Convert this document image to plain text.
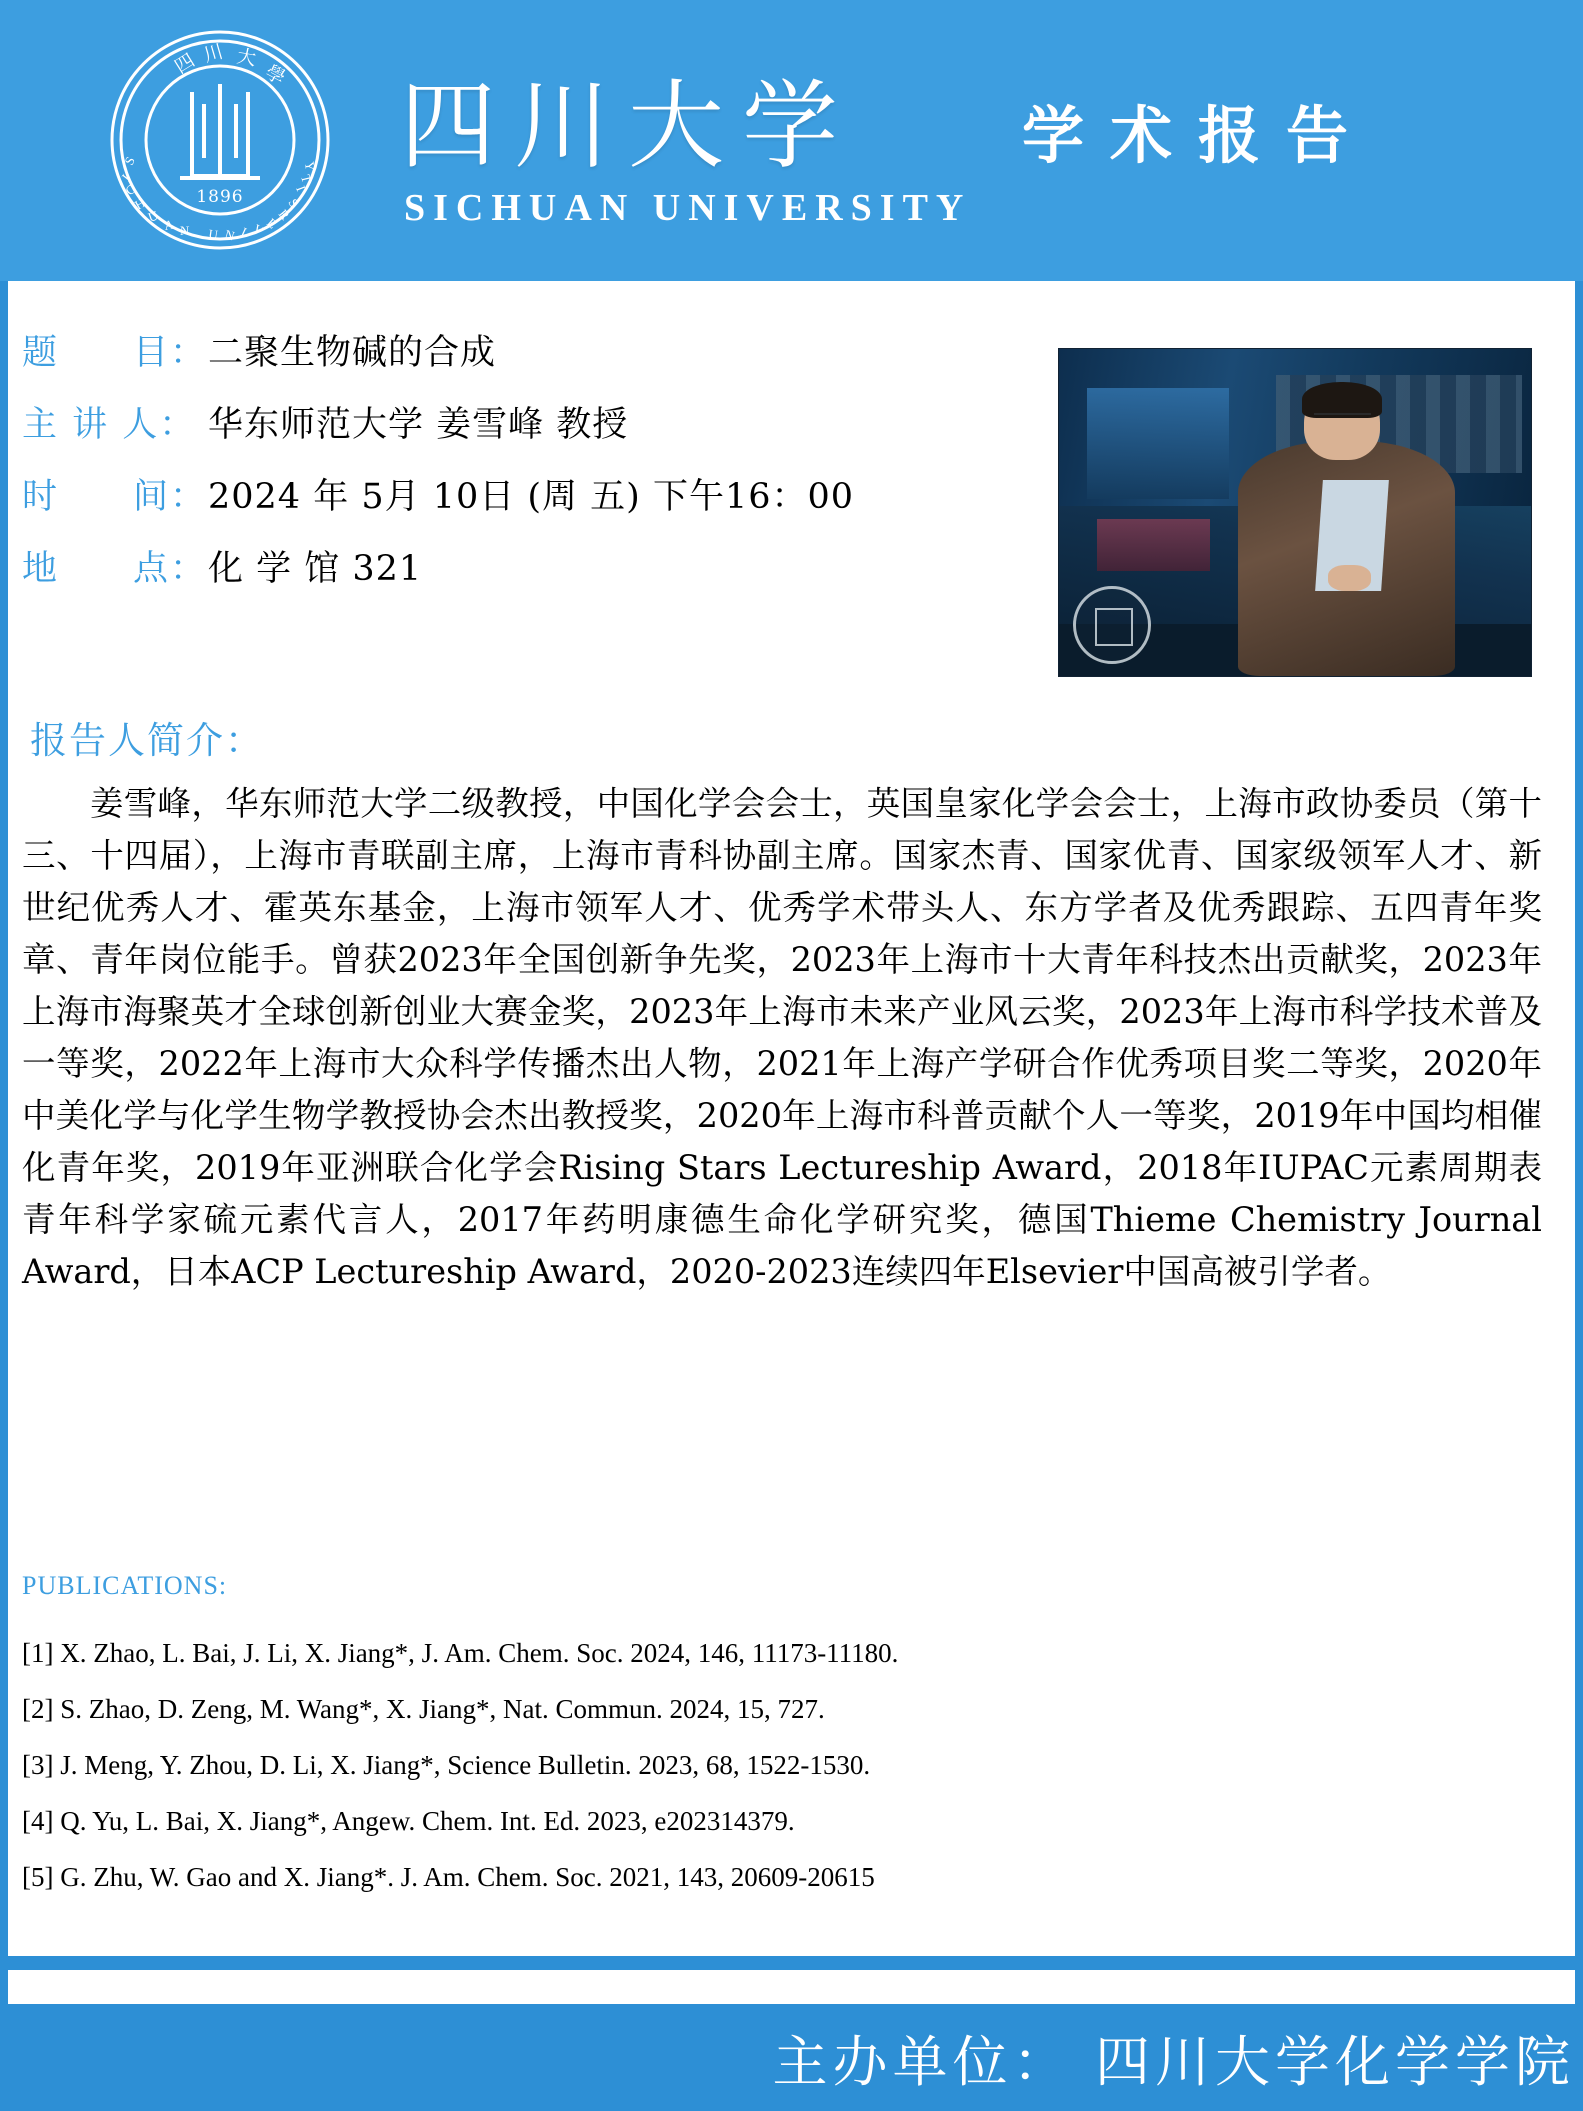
1896
四 川 大
學
S
I
C
H
U A N U N I V
E
R
S
I
T
Y 四川大学
SICHUAN UNIVERSITY
学术报告
题　　目： 二聚生物碱的合成
主 讲 人： 华东师范大学 姜雪峰 教授
时　　间： 2024 年 5月 10日 (周 五) 下午16：00
地　　点： 化 学 馆 321
报告人简介：
姜雪峰，华东师范大学二级教授，中国化学会会士，英国皇家化学会会士，上海市政协委员（第十三、十四届），上海市青联副主席，上海市青科协副主席。国家杰青、国家优青、国家级领军人才、新世纪优秀人才、霍英东基金，上海市领军人才、优秀学术带头人、东方学者及优秀跟踪、五四青年奖章、青年岗位能手。曾获2023年全国创新争先奖，2023年上海市十大青年科技杰出贡献奖，2023年上海市海聚英才全球创新创业大赛金奖，2023年上海市未来产业风云奖，2023年上海市科学技术普及一等奖，2022年上海市大众科学传播杰出人物，2021年上海产学研合作优秀项目奖二等奖，2020年中美化学与化学生物学教授协会杰出教授奖，2020年上海市科普贡献个人一等奖，2019年中国均相催化青年奖，2019年亚洲联合化学会Rising Stars Lectureship Award，2018年IUPAC元素周期表青年科学家硫元素代言人，2017年药明康德生命化学研究奖，德国Thieme Chemistry Journal Award，日本ACP Lectureship Award，2020-2023连续四年Elsevier中国高被引学者。
PUBLICATIONS:
[1] X. Zhao, L. Bai, J. Li, X. Jiang*, J. Am. Chem. Soc. 2024, 146, 11173-11180.
[2] S. Zhao, D. Zeng, M. Wang*, X. Jiang*, Nat. Commun. 2024, 15, 727.
[3] J. Meng, Y. Zhou, D. Li, X. Jiang*, Science Bulletin. 2023, 68, 1522-1530.
[4] Q. Yu, L. Bai, X. Jiang*, Angew. Chem. Int. Ed. 2023, e202314379.
[5] G. Zhu, W. Gao and X. Jiang*. J. Am. Chem. Soc. 2021, 143, 20609-20615
主办单位： 四川大学化学学院
